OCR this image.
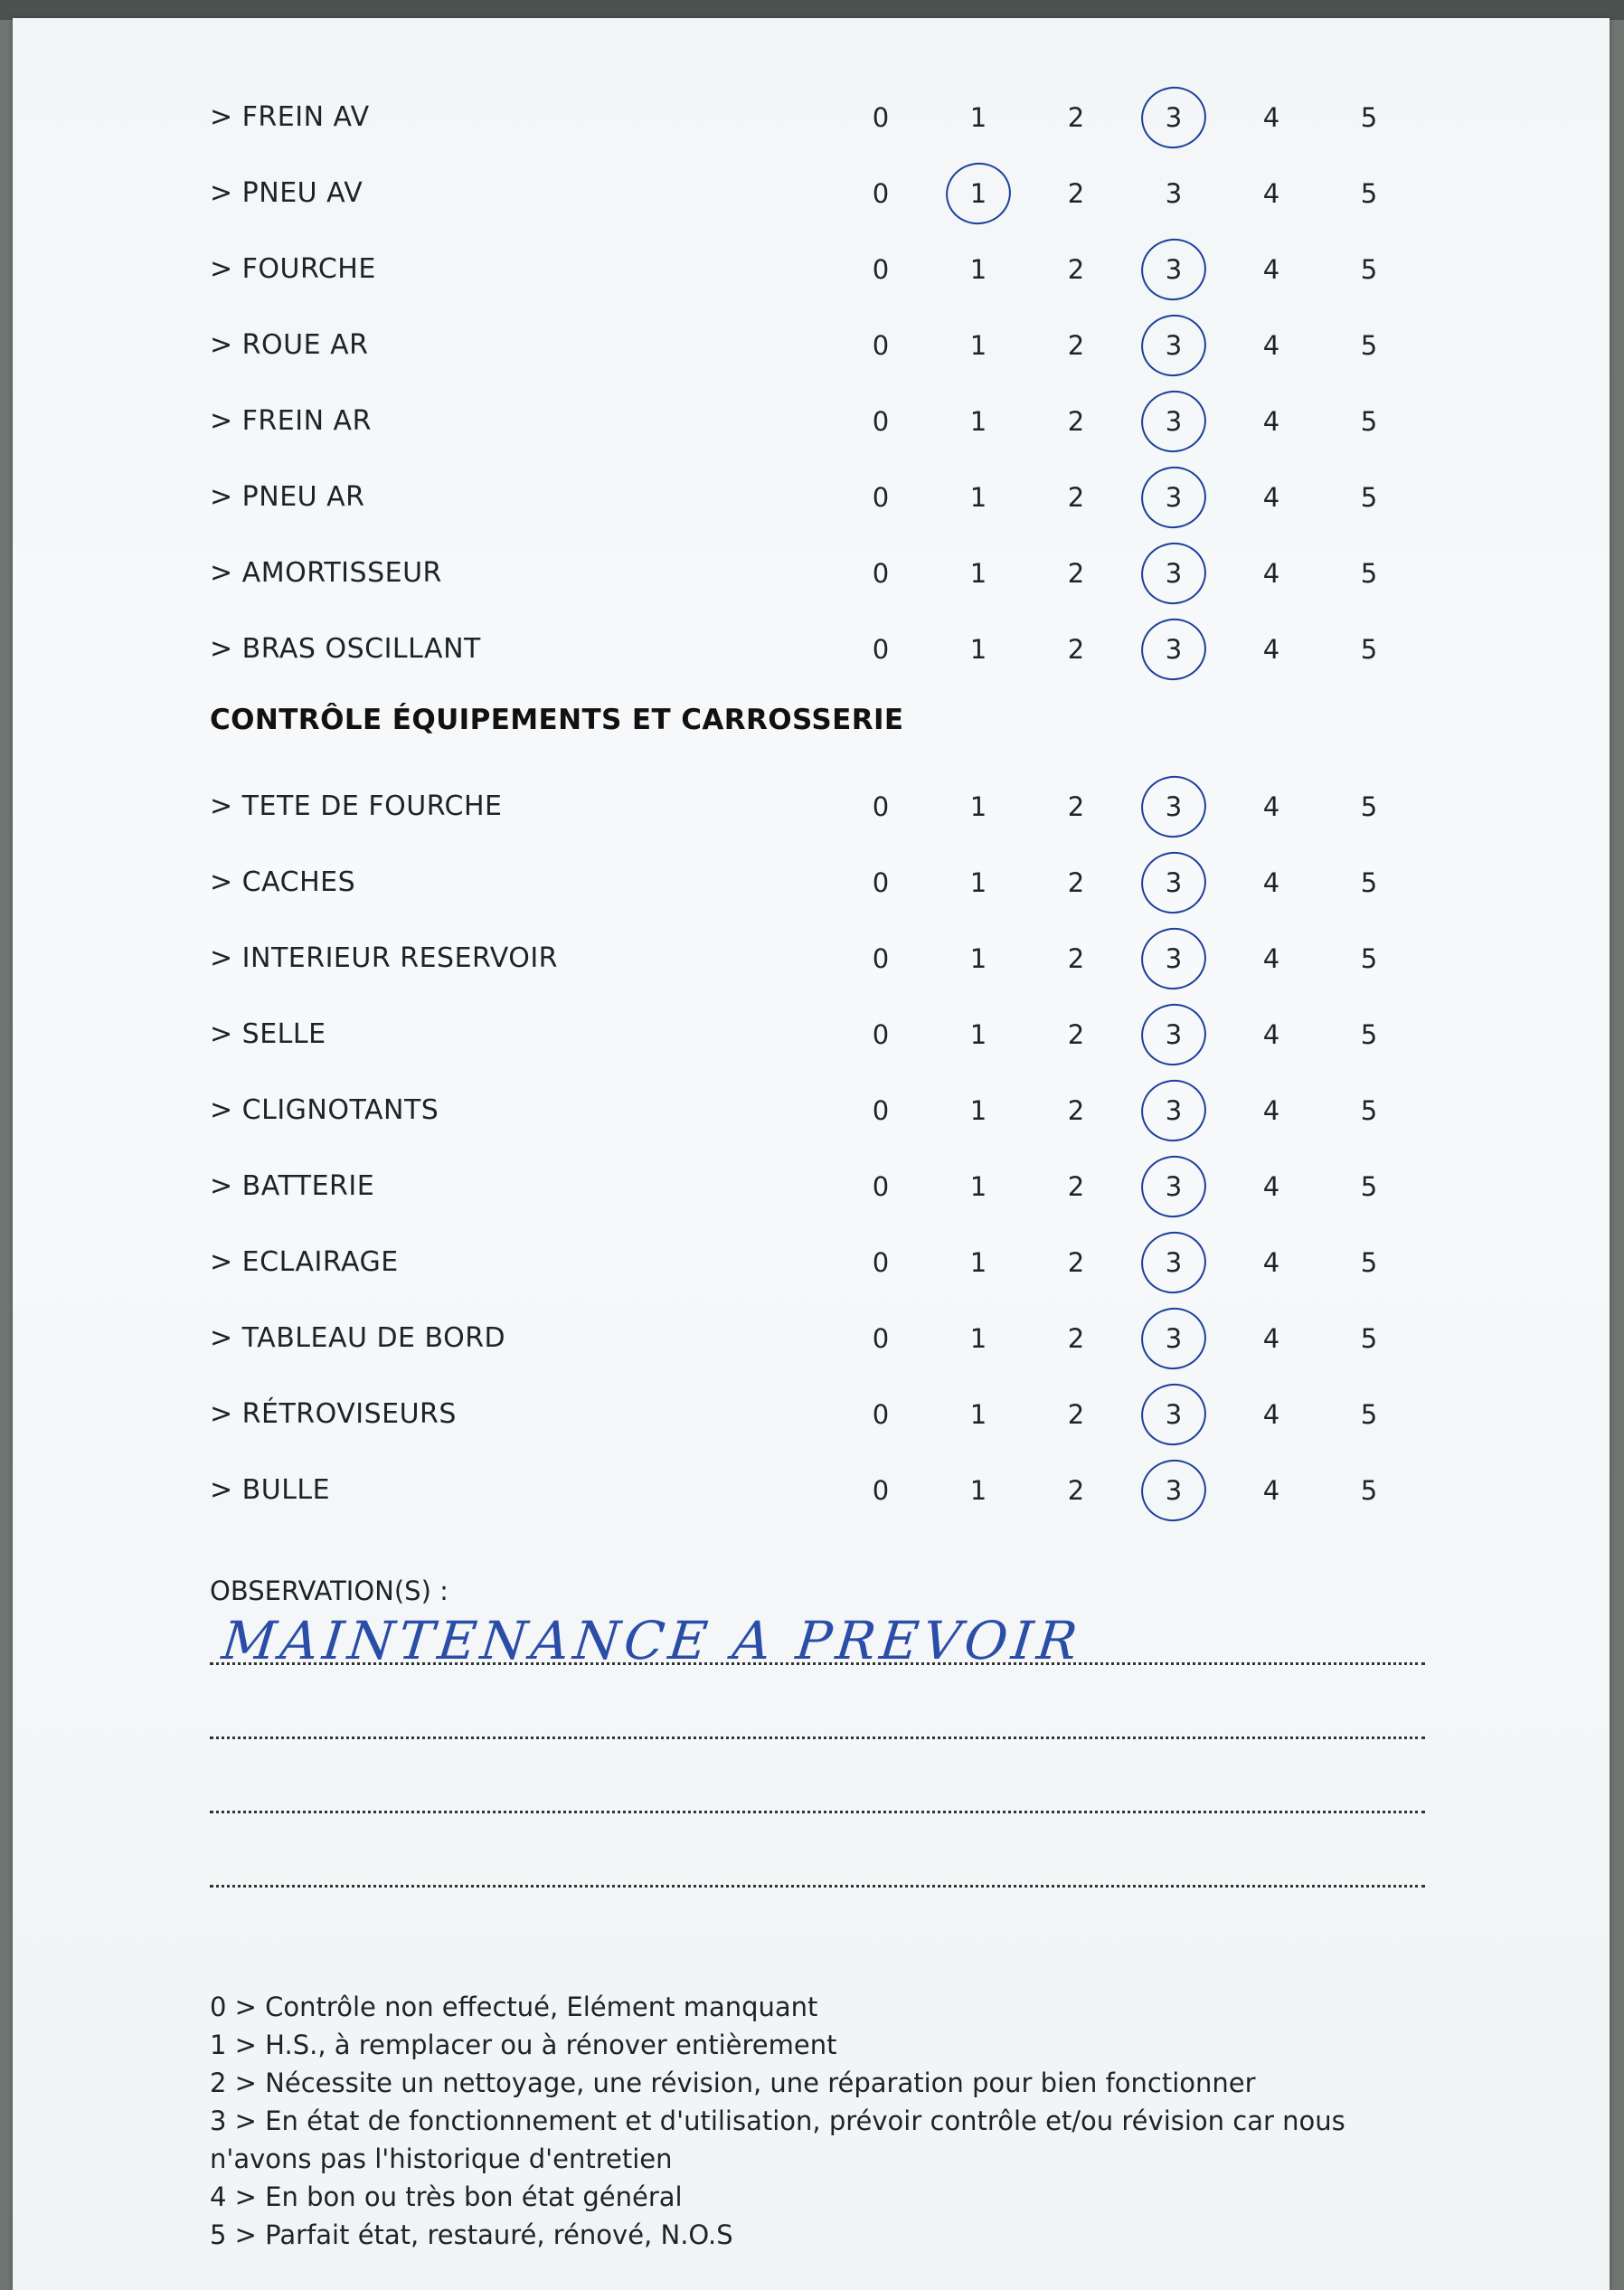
> FREIN AV	0	1	2	3	4	5
> PNEU AV	0	1	2	3	4	5
> FOURCHE	0	1	2	3	4	5
> ROUE AR	0	1	2	3	4	5
> FREIN AR	0	1	2	3	4	5
> PNEU AR	0	1	2	3	4	5
> AMORTISSEUR	0	1	2	3	4	5
> BRAS OSCILLANT	0	1	2	3	4	5
> TETE DE FOURCHE	0	1	2	3	4	5
> CACHES	0	1	2	3	4	5
> INTERIEUR RESERVOIR	0	1	2	3	4	5
> SELLE	0	1	2	3	4	5
> CLIGNOTANTS	0	1	2	3	4	5
> BATTERIE	0	1	2	3	4	5
> ECLAIRAGE	0	1	2	3	4	5
> TABLEAU DE BORD	0	1	2	3	4	5
> RÉTROVISEURS	0	1	2	3	4	5
> BULLE	0	1	2	3	4	5
CONTRÔLE ÉQUIPEMENTS ET CARROSSERIE
OBSERVATION(S) :
MAINTENANCE A PREVOIR
0 > Contrôle non effectué, Elément manquant
1 > H.S., à remplacer ou à rénover entièrement
2 > Nécessite un nettoyage, une révision, une réparation pour bien fonctionner
3 > En état de fonctionnement et d'utilisation, prévoir contrôle et/ou révision car nous n'avons pas l'historique d'entretien
4 > En bon ou très bon état général
5 > Parfait état, restauré, rénové, N.O.S
